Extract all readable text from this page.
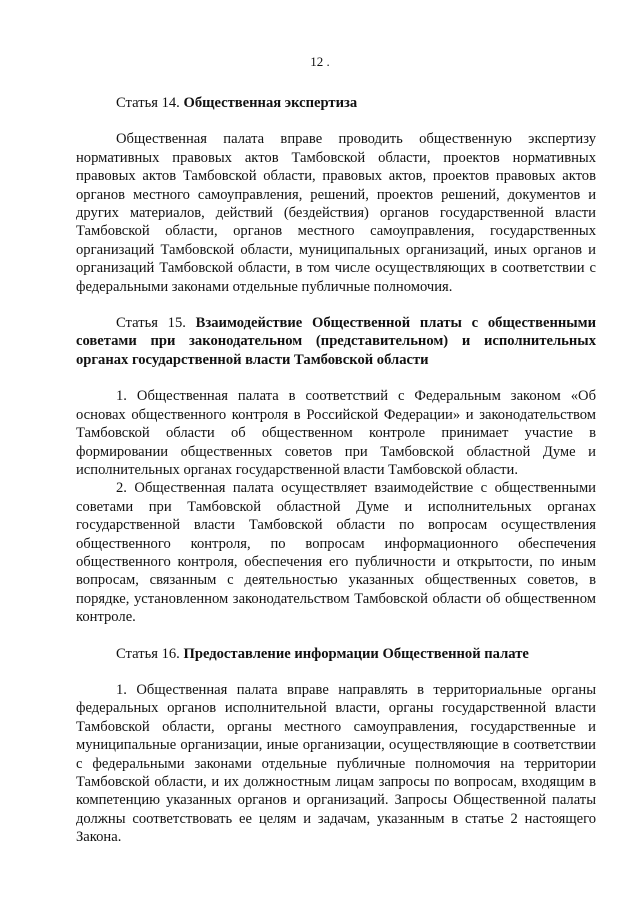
12 .

Статья 14. Общественная экспертиза

Общественная палата вправе проводить общественную экспертизу нормативных правовых актов Тамбовской области, проектов нормативных правовых актов Тамбовской области, правовых актов, проектов правовых актов органов местного самоуправления, решений, проектов решений, документов и других материалов, действий (бездействия) органов государственной власти Тамбовской области, органов местного самоуправления, государственных организаций Тамбовской области, муниципальных организаций, иных органов и организаций Тамбовской области, в том числе осуществляющих в соответствии с федеральными законами отдельные публичные полномочия.

Статья 15. Взаимодействие Общественной платы с общественными советами при законодательном (представительном) и исполнительных органах государственной власти Тамбовской области

1. Общественная палата в соответствий с Федеральным законом «Об основах общественного контроля в Российской Федерации» и законодательством Тамбовской области об общественном контроле принимает участие в формировании общественных советов при Тамбовской областной Думе и исполнительных органах государственной власти Тамбовской области.

2. Общественная палата осуществляет взаимодействие с общественными советами при Тамбовской областной Думе и исполнительных органах государственной власти Тамбовской области по вопросам осуществления общественного контроля, по вопросам информационного обеспечения общественного контроля, обеспечения его публичности и открытости, по иным вопросам, связанным с деятельностью указанных общественных советов, в порядке, установленном законодательством Тамбовской области об общественном контроле.

Статья 16. Предоставление информации Общественной палате

1. Общественная палата вправе направлять в территориальные органы федеральных органов исполнительной власти, органы государственной власти Тамбовской области, органы местного самоуправления, государственные и муниципальные организации, иные организации, осуществляющие в соответствии с федеральными законами отдельные публичные полномочия на территории Тамбовской области, и их должностным лицам запросы по вопросам, входящим в компетенцию указанных органов и организаций. Запросы Общественной палаты должны соответствовать ее целям и задачам, указанным в статье 2 настоящего Закона.
